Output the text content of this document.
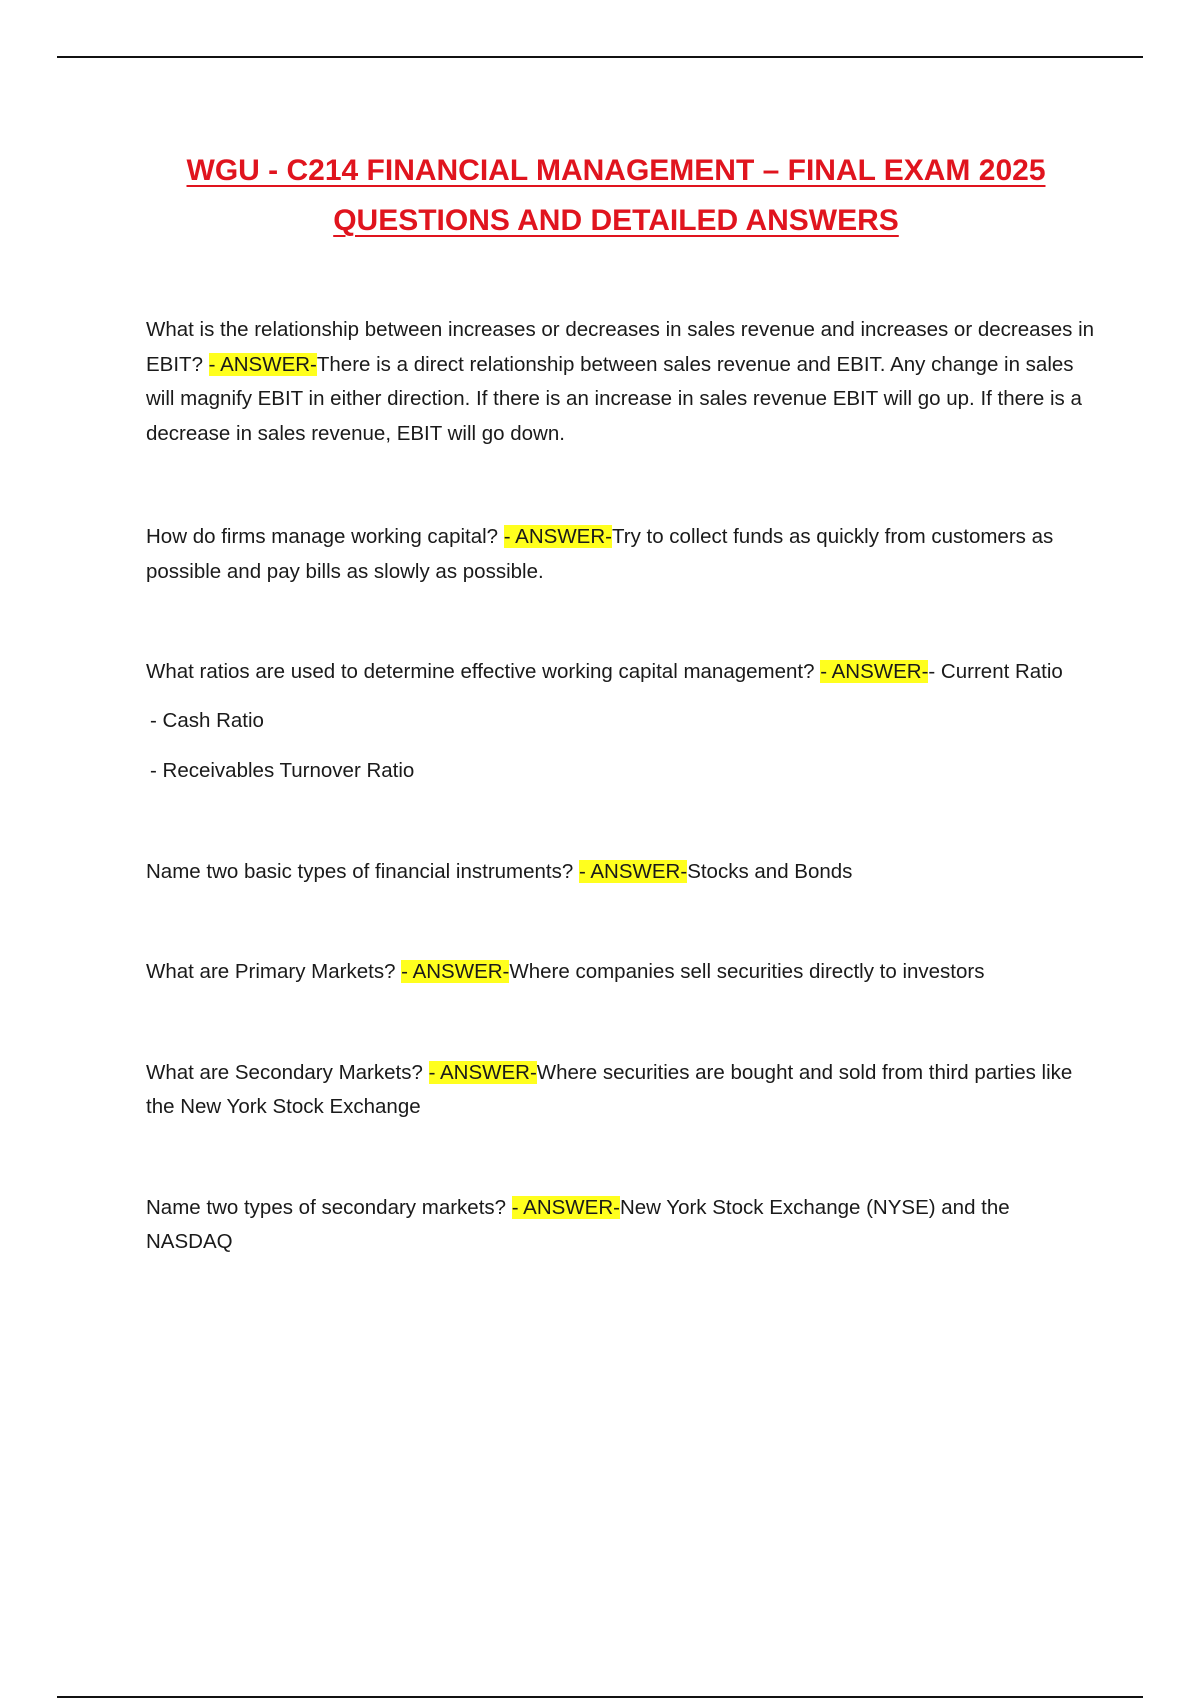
WGU - C214 FINANCIAL MANAGEMENT – FINAL EXAM 2025
QUESTIONS AND DETAILED ANSWERS

What is the relationship between increases or decreases in sales revenue and increases or decreases in EBIT? - ANSWER-There is a direct relationship between sales revenue and EBIT. Any change in sales will magnify EBIT in either direction. If there is an increase in sales revenue EBIT will go up. If there is a decrease in sales revenue, EBIT will go down.

How do firms manage working capital? - ANSWER-Try to collect funds as quickly from customers as possible and pay bills as slowly as possible.

What ratios are used to determine effective working capital management? - ANSWER-- Current Ratio

- Cash Ratio

- Receivables Turnover Ratio

Name two basic types of financial instruments? - ANSWER-Stocks and Bonds

What are Primary Markets? - ANSWER-Where companies sell securities directly to investors

What are Secondary Markets? - ANSWER-Where securities are bought and sold from third parties like the New York Stock Exchange

Name two types of secondary markets? - ANSWER-New York Stock Exchange (NYSE) and the NASDAQ
